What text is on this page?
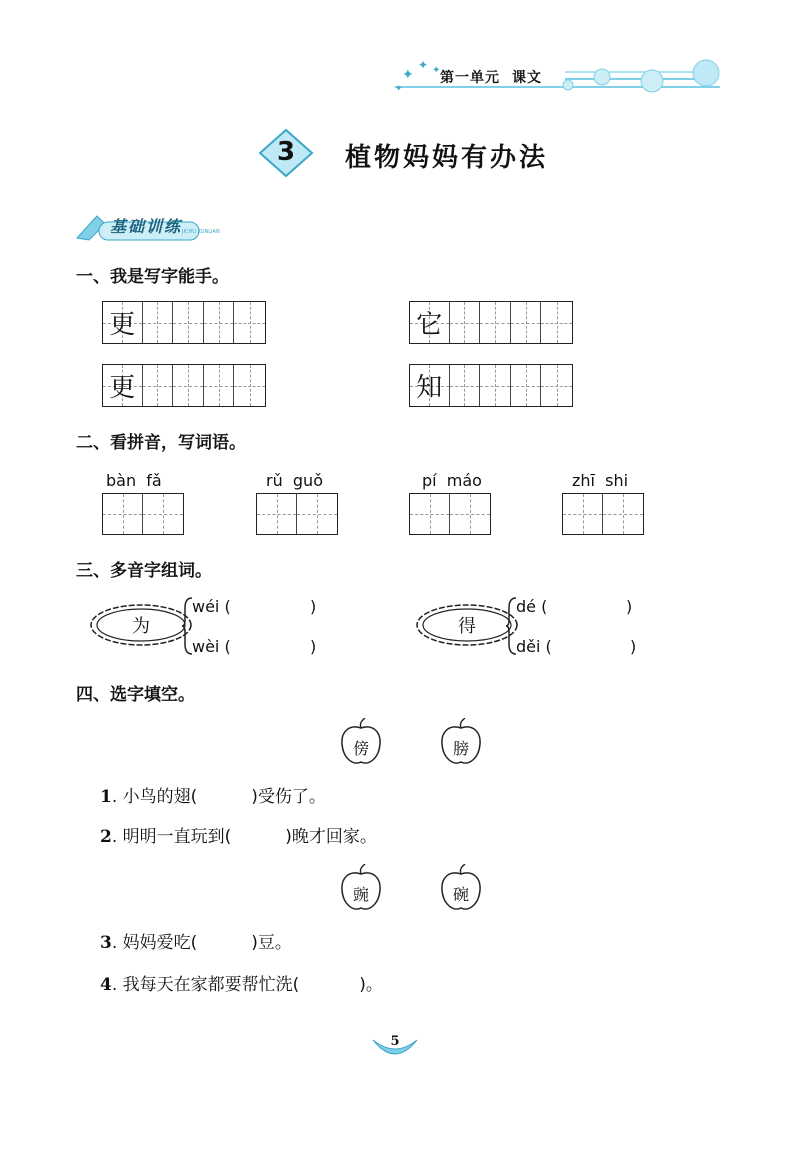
✦
✦ ✦
✦
第一单元 课文
3	植物妈妈有办法
基础训练 JICHU XUNLIAN
一、我是写字能手。
更	它
更	知
二、看拼音，写词语。
bàn  fǎ	rǔ  guǒ	pí  máo	zhī  shi
三、多音字组词。
为
wéi (	)
wèi (	)
得
dé (	)
děi (	)
四、选字填空。
傍	膀
1. 小鸟的翅(	)受伤了。
2. 明明一直玩到(	)晚才回家。
豌	碗
3. 妈妈爱吃(	)豆。
4. 我每天在家都要帮忙洗(	)。
5
